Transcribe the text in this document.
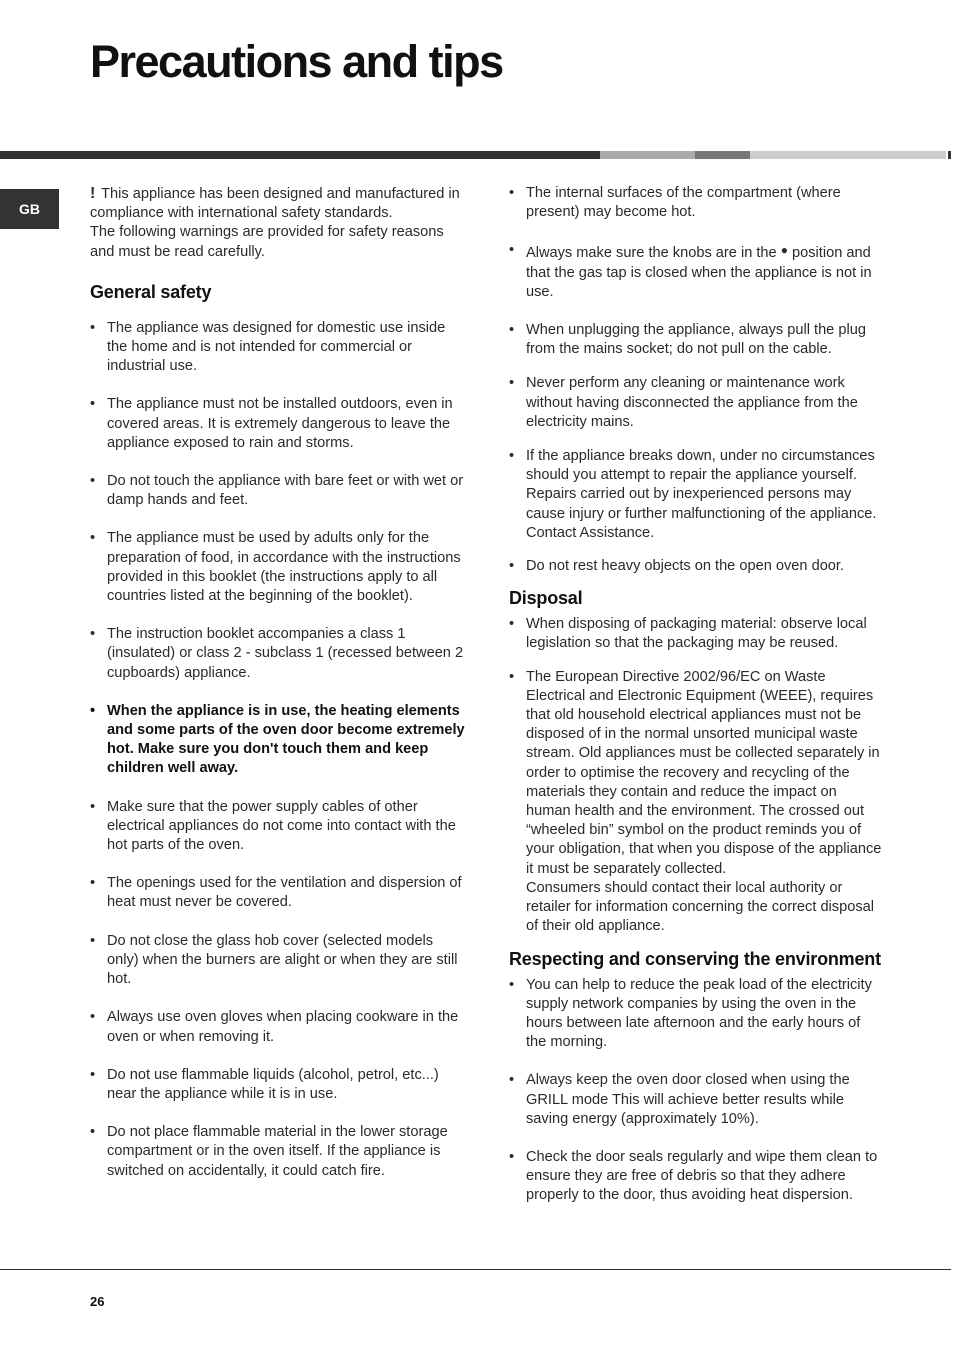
Precautions and tips
GB

! This appliance has been designed and manufactured in compliance with international safety standards.
The following warnings are provided for safety reasons and must be read carefully.

General safety
• The appliance was designed for domestic use inside the home and is not intended for commercial or industrial use.
• The appliance must not be installed outdoors, even in covered areas. It is extremely dangerous to leave the appliance exposed to rain and storms.
• Do not touch the appliance with bare feet or with wet or damp hands and feet.
• The appliance must be used by adults only for the preparation of food, in accordance with the instructions provided in this booklet (the instructions apply to all countries listed at the beginning of the booklet).
• The instruction booklet accompanies a class 1 (insulated) or class 2 - subclass 1 (recessed between 2 cupboards) appliance.
• When the appliance is in use, the heating elements and some parts of the oven door become extremely hot. Make sure you don't touch them and keep children well away.
• Make sure that the power supply cables of other electrical appliances do not come into contact with the hot parts of the oven.
• The openings used for the ventilation and dispersion of heat must never be covered.
• Do not close the glass hob cover (selected models only) when the burners are alight or when they are still hot.
• Always use oven gloves when placing cookware in the oven or when removing it.
• Do not use flammable liquids (alcohol, petrol, etc...) near the appliance while it is in use.
• Do not place flammable material in the lower storage compartment or in the oven itself. If the appliance is switched on accidentally, it could catch fire.
• The internal surfaces of the compartment (where present) may become hot.
• Always make sure the knobs are in the ● position and that the gas tap is closed when the appliance is not in use.
• When unplugging the appliance, always pull the plug from the mains socket; do not pull on the cable.
• Never perform any cleaning or maintenance work without having disconnected the appliance from the electricity mains.
• If the appliance breaks down, under no circumstances should you attempt to repair the appliance yourself. Repairs carried out by inexperienced persons may cause injury or further malfunctioning of the appliance. Contact Assistance.
• Do not rest heavy objects on the open oven door.
Disposal
• When disposing of packaging material: observe local legislation so that the packaging may be reused.
• The European Directive 2002/96/EC on Waste Electrical and Electronic Equipment (WEEE), requires that old household electrical appliances must not be disposed of in the normal unsorted municipal waste stream. Old appliances must be collected separately in order to optimise the recovery and recycling of the materials they contain and reduce the impact on human health and the environment. The crossed out “wheeled bin” symbol on the product reminds you of your obligation, that when you dispose of the appliance it must be separately collected.
Consumers should contact their local authority or retailer for information concerning the correct disposal of their old appliance.
Respecting and conserving the environment
• You can help to reduce the peak load of the electricity supply network companies by using the oven in the hours between late afternoon and the early hours of the morning.
• Always keep the oven door closed when using the GRILL mode This will achieve better results while saving energy (approximately 10%).
• Check the door seals regularly and wipe them clean to ensure they are free of debris so that they adhere properly to the door, thus avoiding heat dispersion.
26
